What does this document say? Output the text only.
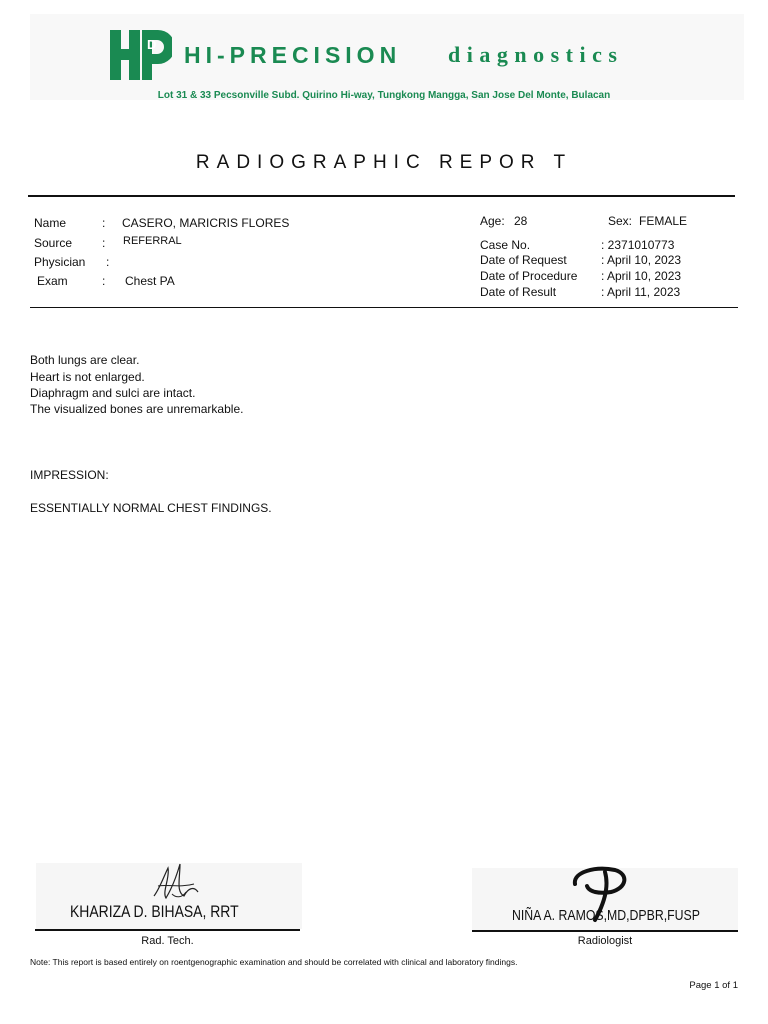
D HI-PRECISION diagnostics
Lot 31 & 33 Pecsonville Subd. Quirino Hi-way, Tungkong Mangga, San Jose Del Monte, Bulacan
RADIOGRAPHIC REPOR T
Name	: CASERO, MARICRIS FLORES
Source : REFERRAL
Physician :
Exam	: Chest PA
Age: 28	Sex: FEMALE
Case No.	: 2371010773
Date of Request	: April 10, 2023
Date of Procedure : April 10, 2023
Date of Result	: April 11, 2023
Both lungs are clear.
Heart is not enlarged.
Diaphragm and sulci are intact.
The visualized bones are unremarkable.
IMPRESSION:
ESSENTIALLY NORMAL CHEST FINDINGS.
KHARIZA D. BIHASA, RRT
Rad. Tech.
NIÑA A. RAMOS,MD,DPBR,FUSP
Radiologist
Note: This report is based entirely on roentgenographic examination and should be correlated with clinical and laboratory findings.
Page 1 of 1
